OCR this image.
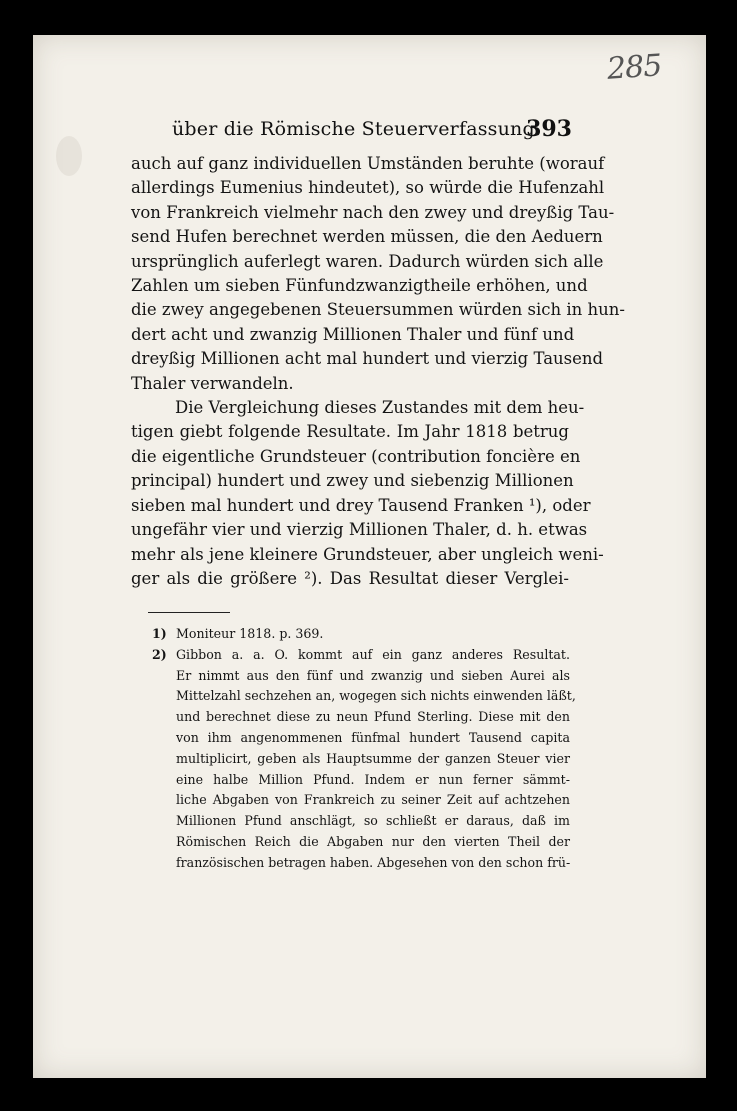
285
über die Römische Steuerverfassung.
393
auch auf ganz individuellen Umständen beruhte (worauf
allerdings Eumenius hindeutet), so würde die Hufenzahl
von Frankreich vielmehr nach den zwey und dreyßig Tau-
send Hufen berechnet werden müssen, die den Aeduern
ursprünglich auferlegt waren. Dadurch würden sich alle
Zahlen um sieben Fünfundzwanzigtheile erhöhen, und
die zwey angegebenen Steuersummen würden sich in hun-
dert acht und zwanzig Millionen Thaler und fünf und
dreyßig Millionen acht mal hundert und vierzig Tausend
Thaler verwandeln.
Die Vergleichung dieses Zustandes mit dem heu-
tigen giebt folgende Resultate. Im Jahr 1818 betrug
die eigentliche Grundsteuer (contribution foncière en
principal) hundert und zwey und siebenzig Millionen
sieben mal hundert und drey Tausend Franken ¹), oder
ungefähr vier und vierzig Millionen Thaler, d. h. etwas
mehr als jene kleinere Grundsteuer, aber ungleich weni-
ger als die größere ²). Das Resultat dieser Verglei-
1) Moniteur 1818. p. 369.
2) Gibbon a. a. O. kommt auf ein ganz anderes Resultat.
Er nimmt aus den fünf und zwanzig und sieben Aurei als
Mittelzahl sechzehen an, wogegen sich nichts einwenden läßt,
und berechnet diese zu neun Pfund Sterling. Diese mit den
von ihm angenommenen fünfmal hundert Tausend capita
multiplicirt, geben als Hauptsumme der ganzen Steuer vier
eine halbe Million Pfund. Indem er nun ferner sämmt-
liche Abgaben von Frankreich zu seiner Zeit auf achtzehen
Millionen Pfund anschlägt, so schließt er daraus, daß im
Römischen Reich die Abgaben nur den vierten Theil der
französischen betragen haben. Abgesehen von den schon frü-
